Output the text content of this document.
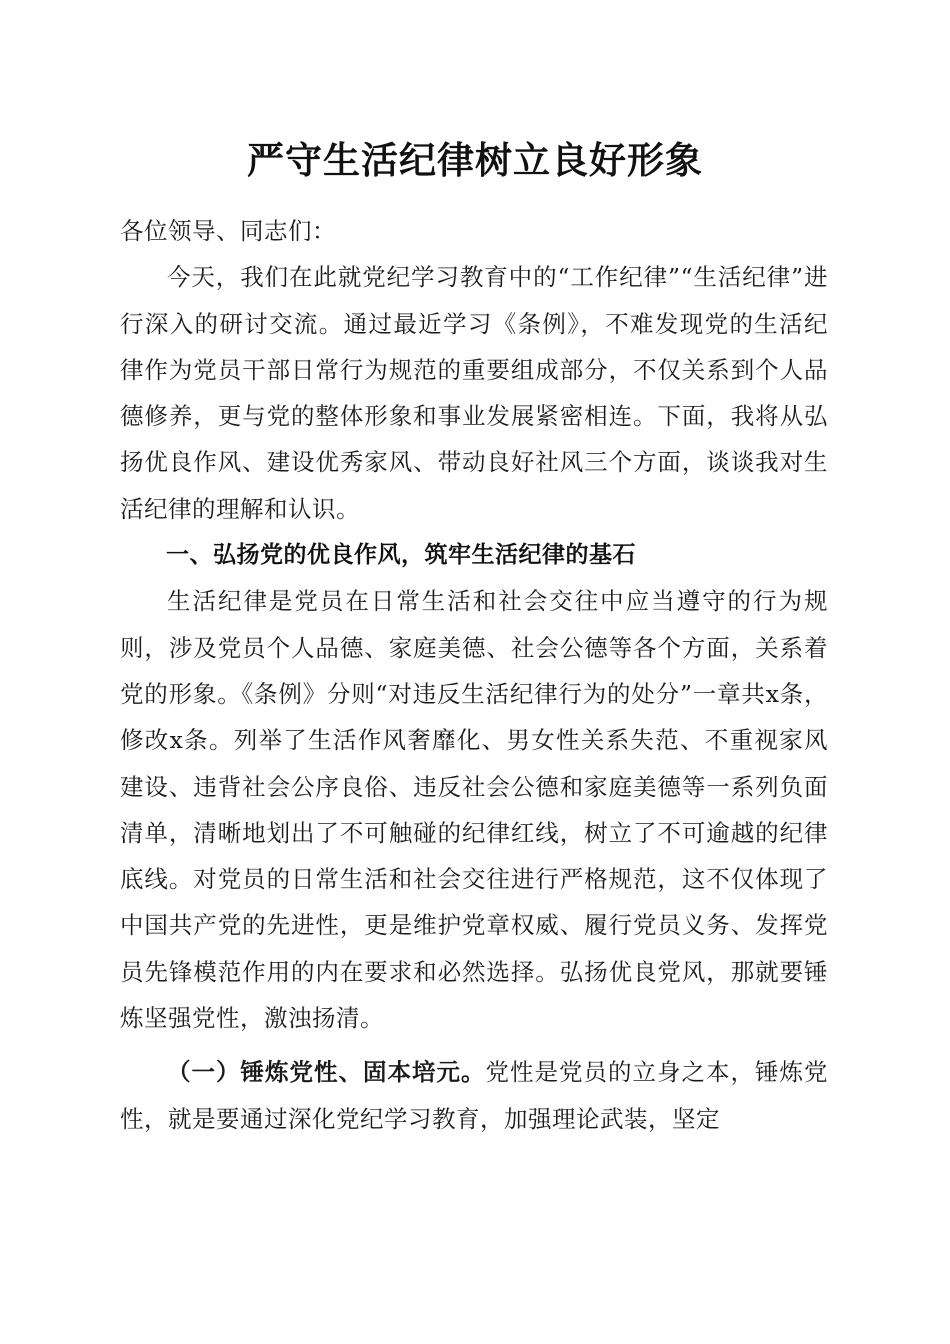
严守生活纪律树立良好形象

各位领导、同志们：

今天，我们在此就党纪学习教育中的“工作纪律”“生活纪律”进行深入的研讨交流。通过最近学习《条例》，不难发现党的生活纪律作为党员干部日常行为规范的重要组成部分，不仅关系到个人品德修养，更与党的整体形象和事业发展紧密相连。下面，我将从弘扬优良作风、建设优秀家风、带动良好社风三个方面，谈谈我对生活纪律的理解和认识。

一、弘扬党的优良作风，筑牢生活纪律的基石

生活纪律是党员在日常生活和社会交往中应当遵守的行为规则，涉及党员个人品德、家庭美德、社会公德等各个方面，关系着党的形象。《条例》分则“对违反生活纪律行为的处分”一章共x条，修改x条。列举了生活作风奢靡化、男女性关系失范、不重视家风建设、违背社会公序良俗、违反社会公德和家庭美德等一系列负面清单，清晰地划出了不可触碰的纪律红线，树立了不可逾越的纪律底线。对党员的日常生活和社会交往进行严格规范，这不仅体现了中国共产党的先进性，更是维护党章权威、履行党员义务、发挥党员先锋模范作用的内在要求和必然选择。弘扬优良党风，那就要锤炼坚强党性，激浊扬清。

（一）锤炼党性、固本培元。党性是党员的立身之本，锤炼党性，就是要通过深化党纪学习教育，加强理论武装，坚定
